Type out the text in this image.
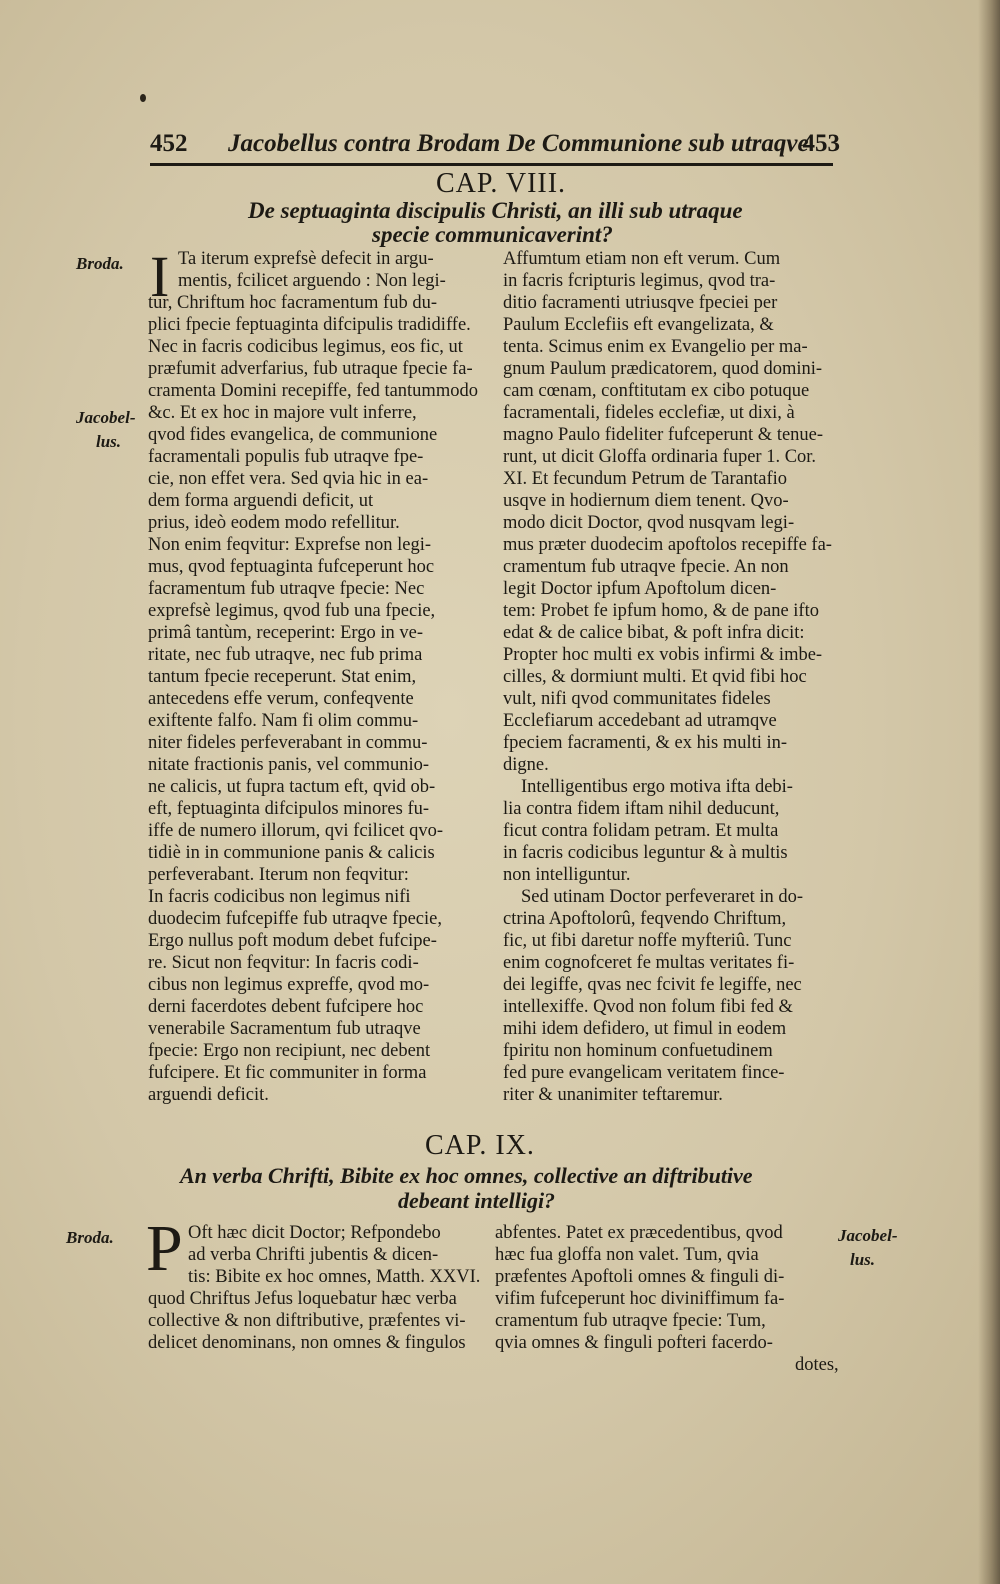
452 Jacobellus contra Brodam De Communione sub utraqve
453
CAP. VIII.
De septuaginta discipulis Christi, an illi sub utraque
specie communicaverint?
Broda.
Jacobel-
lus.
I Ta iterum exprefsè defecit in argu-
mentis, fcilicet arguendo : Non legi-
tur, Chriftum hoc facramentum fub du-
plici fpecie feptuaginta difcipulis tradidiffe.
Nec in facris codicibus legimus, eos fic, ut
præfumit adverfarius, fub utraque fpecie fa-
cramenta Domini recepiffe, fed tantummodo
&c. Et ex hoc in majore vult inferre,
qvod fides evangelica, de communione
facramentali populis fub utraqve fpe-
cie, non effet vera. Sed qvia hic in ea-
dem forma arguendi deficit, ut
prius, ideò eodem modo refellitur.
Non enim feqvitur: Exprefse non legi-
mus, qvod feptuaginta fufceperunt hoc
facramentum fub utraqve fpecie: Nec
exprefsè legimus, qvod fub una fpecie,
primâ tantùm, receperint: Ergo in ve-
ritate, nec fub utraqve, nec fub prima
tantum fpecie receperunt. Stat enim,
antecedens effe verum, confeqvente
exiftente falfo. Nam fi olim commu-
niter fideles perfeverabant in commu-
nitate fractionis panis, vel communio-
ne calicis, ut fupra tactum eft, qvid ob-
eft, feptuaginta difcipulos minores fu-
iffe de numero illorum, qvi fcilicet qvo-
tidiè in in communione panis & calicis
perfeverabant. Iterum non feqvitur:
In facris codicibus non legimus nifi
duodecim fufcepiffe fub utraqve fpecie,
Ergo nullus poft modum debet fufcipe-
re. Sicut non feqvitur: In facris codi-
cibus non legimus expreffe, qvod mo-
derni facerdotes debent fufcipere hoc
venerabile Sacramentum fub utraqve
fpecie: Ergo non recipiunt, nec debent
fufcipere. Et fic communiter in forma
arguendi deficit.
Affumtum etiam non eft verum. Cum
in facris fcripturis legimus, qvod tra-
ditio facramenti utriusqve fpeciei per
Paulum Ecclefiis eft evangelizata, &
tenta. Scimus enim ex Evangelio per ma-
gnum Paulum prædicatorem, quod domini-
cam cœnam, conftitutam ex cibo potuque
facramentali, fideles ecclefiæ, ut dixi, à
magno Paulo fideliter fufceperunt & tenue-
runt, ut dicit Gloffa ordinaria fuper 1. Cor.
XI. Et fecundum Petrum de Tarantafio
usqve in hodiernum diem tenent. Qvo-
modo dicit Doctor, qvod nusqvam legi-
mus præter duodecim apoftolos recepiffe fa-
cramentum fub utraqve fpecie. An non
legit Doctor ipfum Apoftolum dicen-
tem: Probet fe ipfum homo, & de pane ifto
edat & de calice bibat, & poft infra dicit:
Propter hoc multi ex vobis infirmi & imbe-
cilles, & dormiunt multi. Et qvid fibi hoc
vult, nifi qvod communitates fideles
Ecclefiarum accedebant ad utramqve
fpeciem facramenti, & ex his multi in-
digne.
Intelligentibus ergo motiva ifta debi-
lia contra fidem iftam nihil deducunt,
ficut contra folidam petram. Et multa
in facris codicibus leguntur & à multis
non intelliguntur.
Sed utinam Doctor perfeveraret in do-
ctrina Apoftolorû, feqvendo Chriftum,
fic, ut fibi daretur noffe myfteriû. Tunc
enim cognofceret fe multas veritates fi-
dei legiffe, qvas nec fcivit fe legiffe, nec
intellexiffe. Qvod non folum fibi fed &
mihi idem defidero, ut fimul in eodem
fpiritu non hominum confuetudinem
fed pure evangelicam veritatem fince-
riter & unanimiter teftaremur.
CAP. IX.
An verba Chrifti, Bibite ex hoc omnes, collective an diftributive
debeant intelligi?
Broda.	Jacobel-
lus.
P Oft hæc dicit Doctor; Refpondebo
ad verba Chrifti jubentis & dicen-
tis: Bibite ex hoc omnes, Matth. XXVI.
quod Chriftus Jefus loquebatur hæc verba
collective & non diftributive, præfentes vi-
delicet denominans, non omnes & fingulos
abfentes. Patet ex præcedentibus, qvod
hæc fua gloffa non valet. Tum, qvia
præfentes Apoftoli omnes & finguli di-
vifim fufceperunt hoc diviniffimum fa-
cramentum fub utraqve fpecie: Tum,
qvia omnes & finguli pofteri facerdo-
dotes,
